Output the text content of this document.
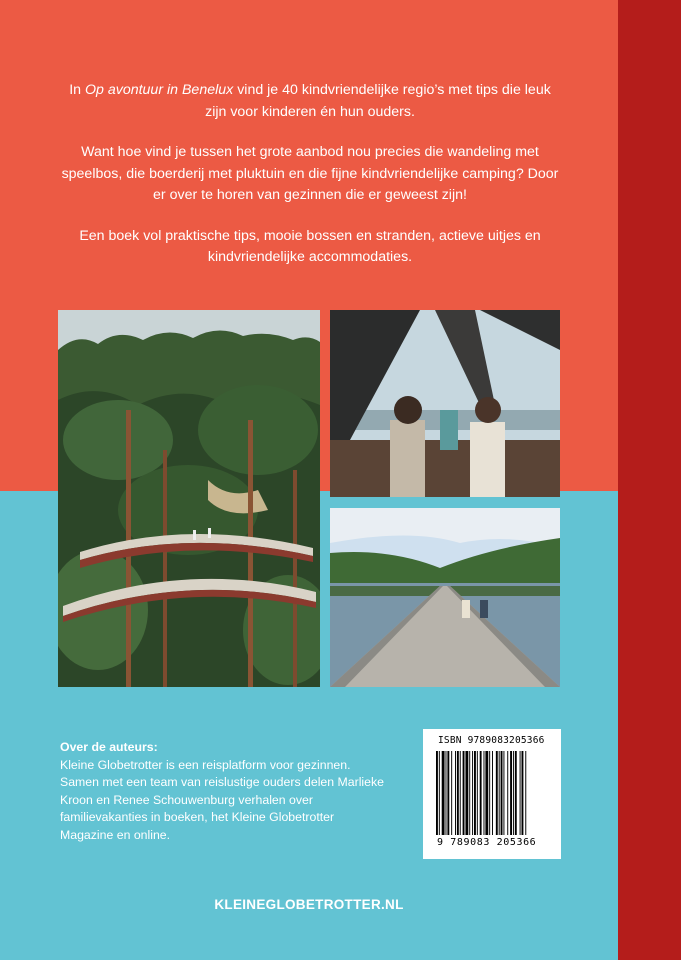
In Op avontuur in Benelux vind je 40 kindvriendelijke regio’s met tips die leuk zijn voor kinderen én hun ouders.

Want hoe vind je tussen het grote aanbod nou precies die wandeling met speelbos, die boerderij met pluktuin en die fijne kindvriendelijke camping? Door er over te horen van gezinnen die er geweest zijn!

Een boek vol praktische tips, mooie bossen en stranden, actieve uitjes en kindvriendelijke accommodaties.

Over de auteurs:
Kleine Globetrotter is een reisplatform voor gezinnen. Samen met een team van reislustige ouders delen Marlieke Kroon en Renee Schouwenburg verhalen over familievakanties in boeken, het Kleine Globetrotter Magazine en online.
ISBN 9789083205366
9 789083 205366
KLEINEGLOBETROTTER.NL
